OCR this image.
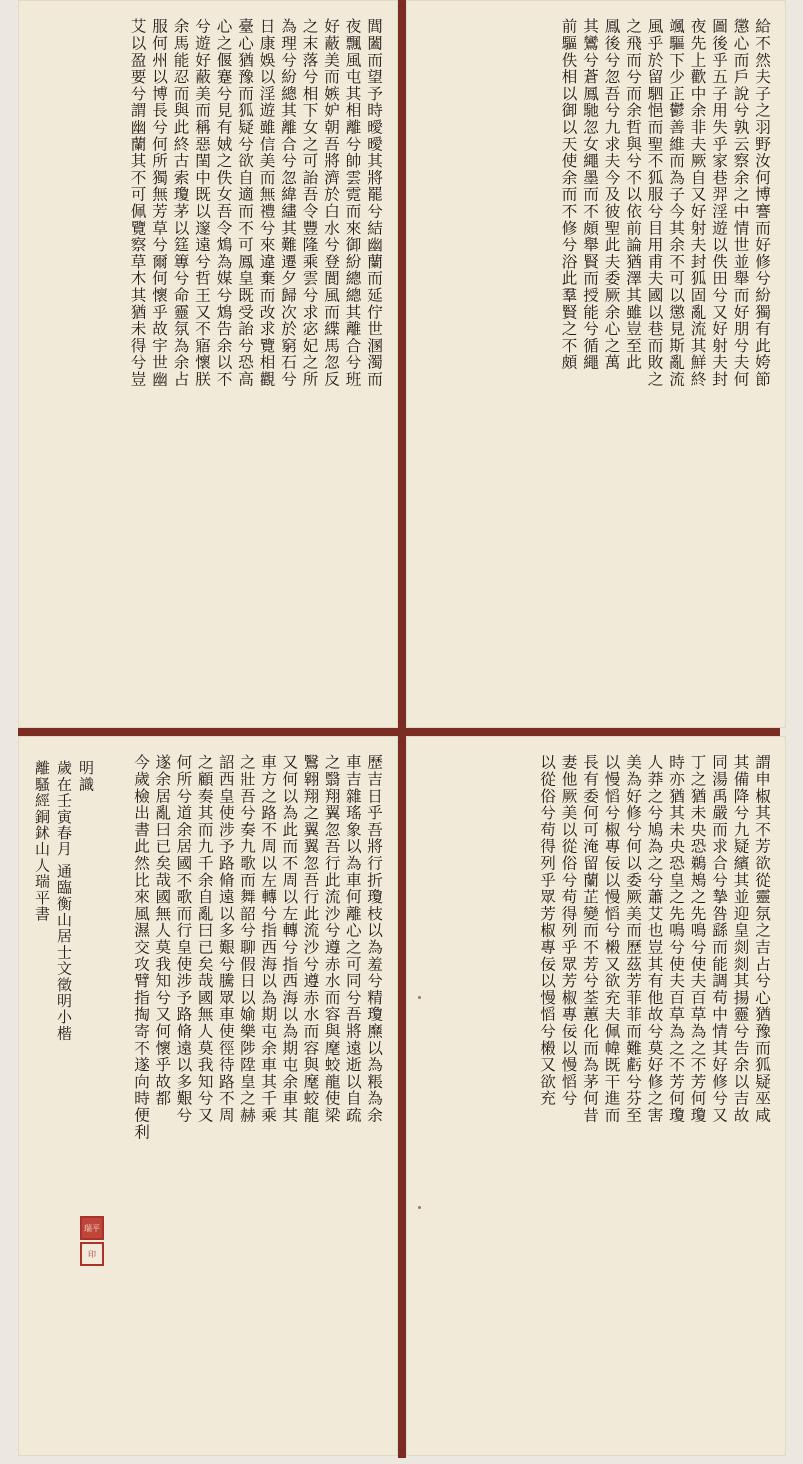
給不然夫子之羽野汝何博謇而好修兮紛獨有此姱節
懲心而戶說兮孰云察余之中情世並舉而好朋兮夫何
圖後乎五子用失乎家巷羿淫遊以佚田兮又好射夫封
夜先上歡中余非夫厥自又好射夫封狐固亂流其鮮終
颯驅下少正鬱善維而為子今其余不可以懲見斯亂流
風乎於留駟悒而聖不狐服兮目用甫夫國以巷而敗之
之飛而兮而余哲與兮不以依前論猶澤其雖豈至此
鳳後兮忽吾兮九求夫今及彼聖此夫委厥余心之萬
其鸞兮蒼鳳馳忽女繩墨而不頗舉賢而授能兮循繩
前驅佚相以御以天使余而不修兮浴此羣賢之不頗
閭闔而望予時曖曖其將罷兮結幽蘭而延佇世溷濁而
夜飄風屯其相離兮帥雲霓而來御紛總總其離合兮班
好蔽美而嫉妒朝吾將濟於白水兮登閬風而緤馬忽反
之末落兮相下女之可詒吾令豐隆乘雲兮求宓妃之所
為理兮紛總其離合兮忽緯繣其難遷夕歸次於窮石兮
日康娛以淫遊雖信美而無禮兮來違棄而改求覽相觀
臺心猶豫而狐疑兮欲自適而不可鳳皇既受詒兮恐高
心之偃蹇兮見有娀之佚女吾令鴆為媒兮鴆告余以不
兮遊好蔽美而稱惡閨中既以邃遠兮哲王又不寤懷朕
余馬能忍而與此終古索瓊茅以筳篿兮命靈氛為余占
服何州以博長兮何所獨無芳草兮爾何懷乎故宇世幽
艾以盈要兮謂幽蘭其不可佩覽察草木其猶未得兮豈
謂申椒其不芳欲從靈氛之吉占兮心猶豫而狐疑巫咸
其備降兮九疑繽其並迎皇剡剡其揚靈兮告余以吉故
同湯禹嚴而求合兮摯咎繇而能調苟中情其好修兮又
丁之猶未央恐鵜鴂之先鳴兮使夫百草為之不芳何瓊
時亦猶其未央恐皇之先鳴兮使夫百草為之不芳何瓊
人莽之兮鳩為之兮蕭艾也豈其有他故兮莫好修之害
美為好修兮何以委厥美而歷茲芳菲菲而難虧兮芬至
以慢慆兮椒專佞以慢慆兮樧又欲充夫佩幃既干進而
長有委何可淹留蘭芷變而不芳兮荃蕙化而為茅何昔
妻他厥美以從俗兮苟得列乎眾芳椒專佞以慢慆兮
以從俗兮苟得列乎眾芳椒專佞以慢慆兮樧又欲充
歷吉日乎吾將行折瓊枝以為羞兮精瓊爢以為粻為余
車吉雜瑤象以為車何離心之可同兮吾將遠逝以自疏
之翳翔翼忽吾行此流沙兮遵赤水而容與麾蛟龍使梁
鷖翱翔之翼翼忽吾行此流沙兮遵赤水而容與麾蛟龍
又何以為此而不周以左轉兮指西海以為期屯余車其
車方之路不周以左轉兮指西海以為期屯余車其千乘
之壯吾兮奏九歌而舞韶兮聊假日以媮樂陟陞皇之赫
詔西皇使涉予路脩遠以多艱兮騰眾車使徑待路不周
之顧奏其而九千余自亂曰已矣哉國無人莫我知兮又
何所兮道余居國不歌而行皇使涉予路脩遠以多艱兮
遂余居亂曰已矣哉國無人莫我知兮又何懷乎故都
今歲檢出書此然比來風濕交攻臂指掏寄不遂向時便利
明識
歲在壬寅春月 通臨衡山居士文徵明小楷
離騷經銅鉥山人瑞平書
瑞平
印
